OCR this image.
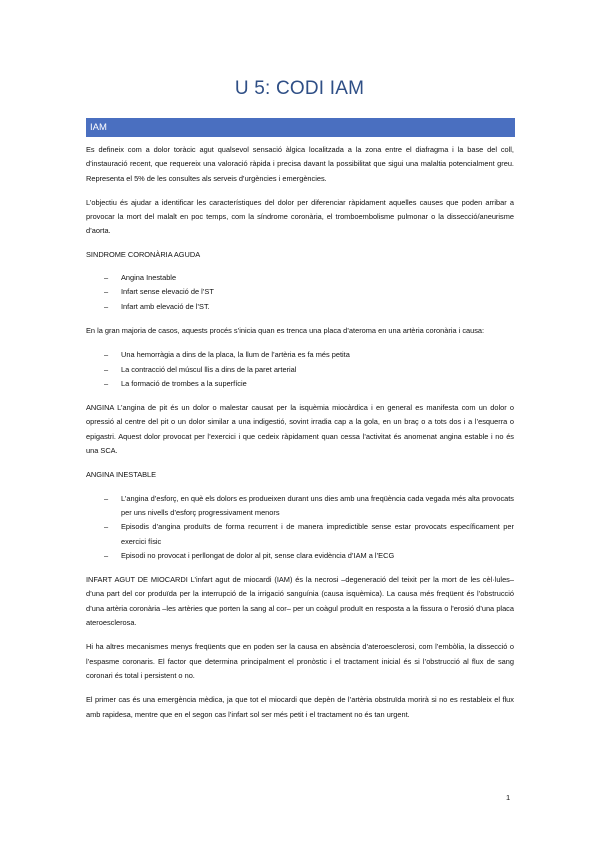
U 5: CODI IAM
IAM

Es defineix com a dolor toràcic agut qualsevol sensació àlgica localitzada a la zona entre el diafragma i la base del coll, d’instauració recent, que requereix una valoració ràpida i precisa davant la possibilitat que sigui una malaltia potencialment greu. Representa el 5% de les consultes als serveis d’urgències i emergències.

L’objectiu és ajudar a identificar les característiques del dolor per diferenciar ràpidament aquelles causes que poden arribar a provocar la mort del malalt en poc temps, com la síndrome coronària, el tromboembolisme pulmonar o la dissecció/aneurisme d’aorta.

SINDROME CORONÀRIA AGUDA
– Angina Inestable
– Infart sense elevació de l’ST
– Infart amb elevació de l’ST.

En la gran majoria de casos, aquests procés s’inicia quan es trenca una placa d’ateroma en una artèria coronària i causa:

– Una hemorràgia a dins de la placa, la llum de l’artèria es fa més petita
– La contracció del múscul llis a dins de la paret arterial
– La formació de trombes a la superfície

ANGINA L’angina de pit és un dolor o malestar causat per la isquèmia miocàrdica i en general es manifesta com un dolor o opressió al centre del pit o un dolor similar a una indigestió, sovint irradia cap a la gola, en un braç o a tots dos i a l’esquerra o epigastri. Aquest dolor provocat per l’exercici i que cedeix ràpidament quan cessa l’activitat és anomenat angina estable i no és una SCA.

ANGINA INESTABLE
– L’angina d’esforç, en què els dolors es produeixen durant uns dies amb una freqüència cada vegada més alta provocats per uns nivells d’esforç progressivament menors
– Episodis d’angina produïts de forma recurrent i de manera impredictible sense estar provocats específicament per exercici físic
– Episodi no provocat i perllongat de dolor al pit, sense clara evidència d’IAM a l’ECG

INFART AGUT DE MIOCARDI L’infart agut de miocardi (IAM) és la necrosi –degeneració del teixit per la mort de les cèl·lules– d’una part del cor produïda per la interrupció de la irrigació sanguínia (causa isquèmica). La causa més freqüent és l’obstrucció d’una artèria coronària –les artèries que porten la sang al cor– per un coàgul produït en resposta a la fissura o l’erosió d’una placa ateroesclerosa.

Hi ha altres mecanismes menys freqüents que en poden ser la causa en absència d’ateroesclerosi, com l’embòlia, la dissecció o l’espasme coronaris. El factor que determina principalment el pronòstic i el tractament inicial és si l’obstrucció al flux de sang coronari és total i persistent o no.

El primer cas és una emergència mèdica, ja que tot el miocardi que depèn de l’artèria obstruïda morirà si no es restableix el flux amb rapidesa, mentre que en el segon cas l’infart sol ser més petit i el tractament no és tan urgent.

1
